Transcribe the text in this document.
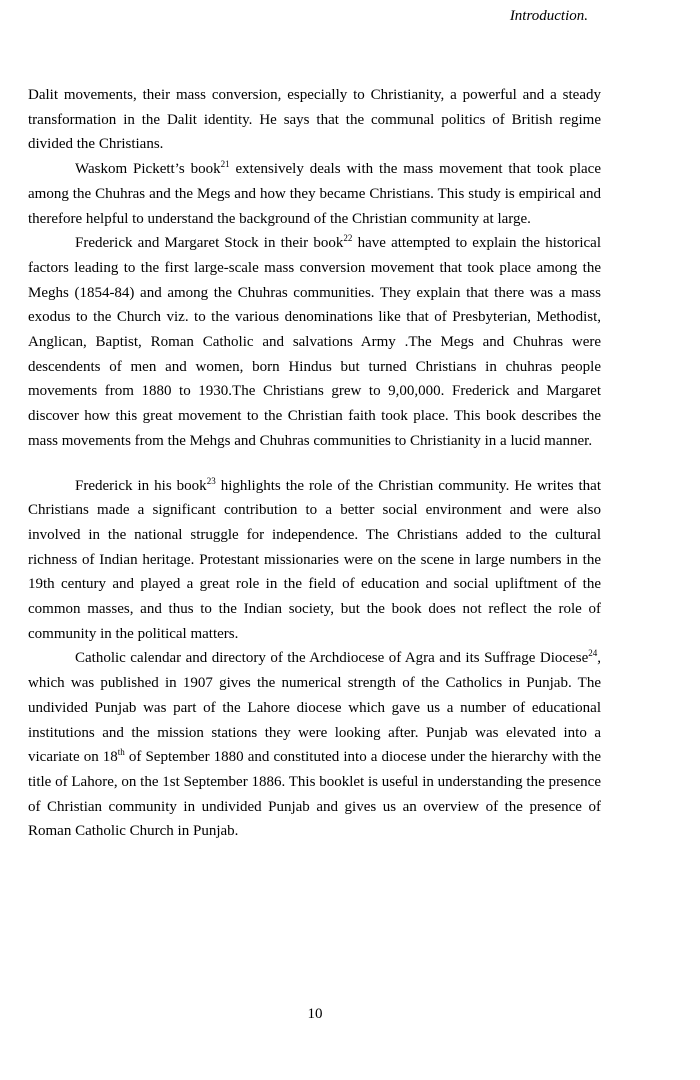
Introduction.

Dalit movements, their mass conversion, especially to Christianity, a powerful and a steady transformation in the Dalit identity. He says that the communal politics of British regime divided the Christians.

Waskom Pickett’s book$^{21}$ extensively deals with the mass movement that took place among the Chuhras and the Megs and how they became Christians. This study is empirical and therefore helpful to understand the background of the Christian community at large.

Frederick and Margaret Stock in their book$^{22}$ have attempted to explain the historical factors leading to the first large-scale mass conversion movement that took place among the Meghs (1854-84) and among the Chuhras communities. They explain that there was a mass exodus to the Church viz. to the various denominations like that of Presbyterian, Methodist, Anglican, Baptist, Roman Catholic and salvations Army .The Megs and Chuhras were descendents of men and women, born Hindus but turned Christians in chuhras people movements from 1880 to 1930.The Christians grew to 9,00,000. Frederick and Margaret discover how this great movement to the Christian faith took place. This book describes the mass movements from the Mehgs and Chuhras communities to Christianity in a lucid manner.

Frederick in his book$^{23}$ highlights the role of the Christian community. He writes that Christians made a significant contribution to a better social environment and were also involved in the national struggle for independence. The Christians added to the cultural richness of Indian heritage. Protestant missionaries were on the scene in large numbers in the 19th century and played a great role in the field of education and social upliftment of the common masses, and thus to the Indian society, but the book does not reflect the role of community in the political matters.

Catholic calendar and directory of the Archdiocese of Agra and its Suffrage Diocese$^{24}$, which was published in 1907 gives the numerical strength of the Catholics in Punjab. The undivided Punjab was part of the Lahore diocese which gave us a number of educational institutions and the mission stations they were looking after. Punjab was elevated into a vicariate on 18th of September 1880 and constituted into a diocese under the hierarchy with the title of Lahore, on the 1st September 1886. This booklet is useful in understanding the presence of Christian community in undivided Punjab and gives us an overview of the presence of Roman Catholic Church in Punjab.

10
